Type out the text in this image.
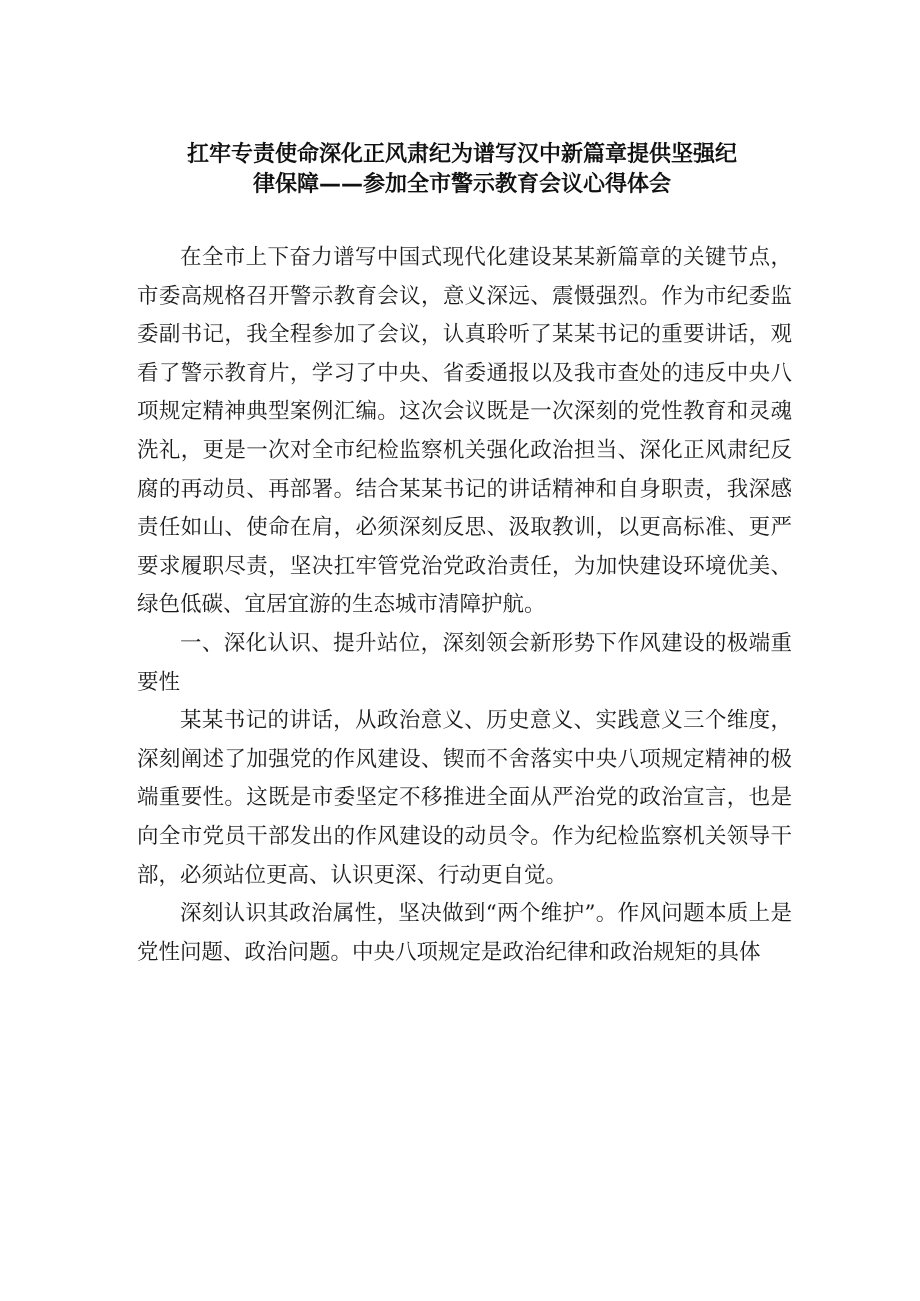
扛牢专责使命深化正风肃纪为谱写汉中新篇章提供坚强纪
律保障——参加全市警示教育会议心得体会

在全市上下奋力谱写中国式现代化建设某某新篇章的关键节点，市委高规格召开警示教育会议，意义深远、震慑强烈。作为市纪委监委副书记，我全程参加了会议，认真聆听了某某书记的重要讲话，观看了警示教育片，学习了中央、省委通报以及我市查处的违反中央八项规定精神典型案例汇编。这次会议既是一次深刻的党性教育和灵魂洗礼，更是一次对全市纪检监察机关强化政治担当、深化正风肃纪反腐的再动员、再部署。结合某某书记的讲话精神和自身职责，我深感责任如山、使命在肩，必须深刻反思、汲取教训，以更高标准、更严要求履职尽责，坚决扛牢管党治党政治责任，为加快建设环境优美、绿色低碳、宜居宜游的生态城市清障护航。

一、深化认识、提升站位，深刻领会新形势下作风建设的极端重要性

某某书记的讲话，从政治意义、历史意义、实践意义三个维度，深刻阐述了加强党的作风建设、锲而不舍落实中央八项规定精神的极端重要性。这既是市委坚定不移推进全面从严治党的政治宣言，也是向全市党员干部发出的作风建设的动员令。作为纪检监察机关领导干部，必须站位更高、认识更深、行动更自觉。

深刻认识其政治属性，坚决做到“两个维护”。作风问题本质上是党性问题、政治问题。中央八项规定是政治纪律和政治规矩的具体
